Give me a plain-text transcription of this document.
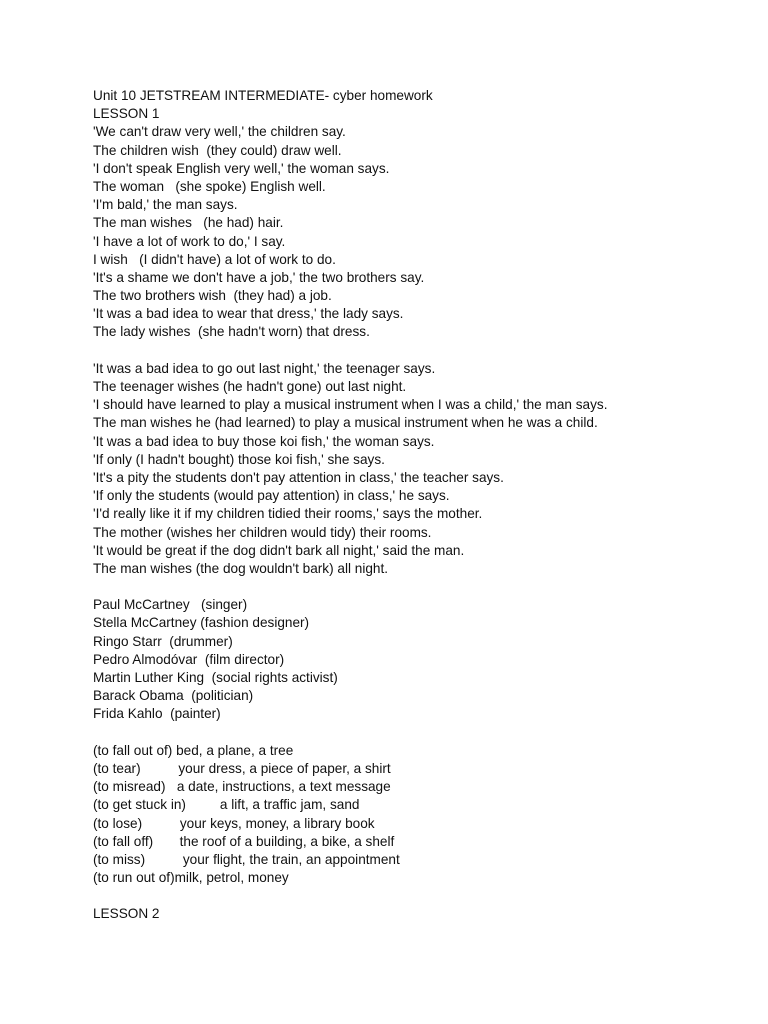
Unit 10 JETSTREAM INTERMEDIATE- cyber homework
LESSON 1
'We can't draw very well,' the children say.
The children wish  (they could) draw well.
'I don't speak English very well,' the woman says.
The woman   (she spoke) English well.
'I'm bald,' the man says.
The man wishes   (he had) hair.
'I have a lot of work to do,' I say.
I wish   (I didn't have) a lot of work to do.
'It's a shame we don't have a job,' the two brothers say.
The two brothers wish  (they had) a job.
'It was a bad idea to wear that dress,' the lady says.
The lady wishes  (she hadn't worn) that dress.
'It was a bad idea to go out last night,' the teenager says.
The teenager wishes (he hadn't gone) out last night.
'I should have learned to play a musical instrument when I was a child,' the man says.
The man wishes he (had learned) to play a musical instrument when he was a child.
'It was a bad idea to buy those koi fish,' the woman says.
'If only (I hadn't bought) those koi fish,' she says.
'It's a pity the students don't pay attention in class,' the teacher says.
'If only the students (would pay attention) in class,' he says.
'I'd really like it if my children tidied their rooms,' says the mother.
The mother (wishes her children would tidy) their rooms.
'It would be great if the dog didn't bark all night,' said the man.
The man wishes (the dog wouldn't bark) all night.
Paul McCartney   (singer)
Stella McCartney (fashion designer)
Ringo Starr  (drummer)
Pedro Almodóvar  (film director)
Martin Luther King  (social rights activist)
Barack Obama  (politician)
Frida Kahlo  (painter)
(to fall out of) bed, a plane, a tree
(to tear)          your dress, a piece of paper, a shirt
(to misread)   a date, instructions, a text message
(to get stuck in)         a lift, a traffic jam, sand
(to lose)          your keys, money, a library book
(to fall off)       the roof of a building, a bike, a shelf
(to miss)          your flight, the train, an appointment
(to run out of)milk, petrol, money
LESSON 2
